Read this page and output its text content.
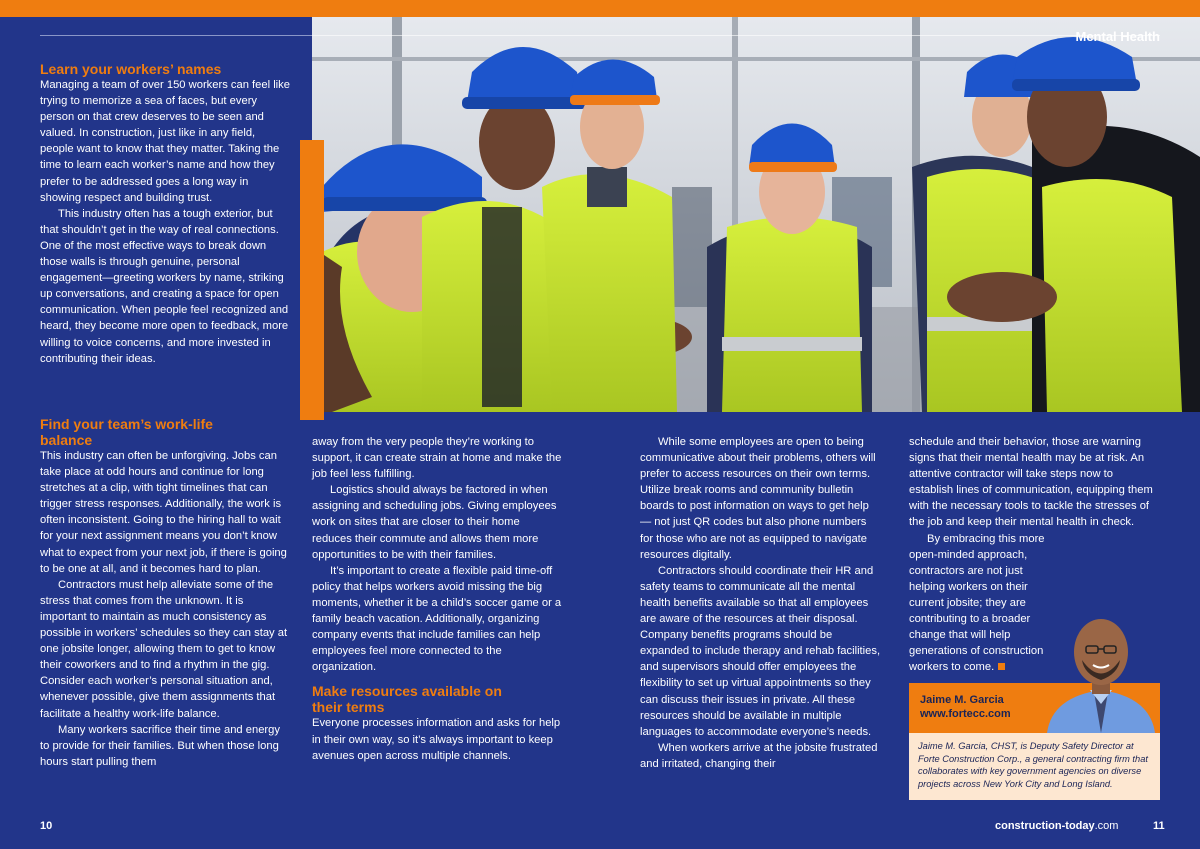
Mental Health
Learn your workers’ names

Managing a team of over 150 workers can feel like trying to memorize a sea of faces, but every person on that crew deserves to be seen and valued. In construction, just like in any field, people want to know that they matter. Taking the time to learn each worker’s name and how they prefer to be addressed goes a long way in showing respect and building trust.

This industry often has a tough exterior, but that shouldn’t get in the way of real connections. One of the most effective ways to break down those walls is through genuine, personal engagement—greeting workers by name, striking up conversations, and creating a space for open communication. When people feel recognized and heard, they become more open to feedback, more willing to voice concerns, and more invested in contributing their ideas.

Find your team’s work-life balance

This industry can often be unforgiving. Jobs can take place at odd hours and continue for long stretches at a clip, with tight timelines that can trigger stress responses. Additionally, the work is often inconsistent. Going to the hiring hall to wait for your next assignment means you don’t know what to expect from your next job, if there is going to be one at all, and it becomes hard to plan.

Contractors must help alleviate some of the stress that comes from the unknown. It is important to maintain as much consistency as possible in workers’ schedules so they can stay at one jobsite longer, allowing them to get to know their coworkers and to find a rhythm in the gig. Consider each worker’s personal situation and, whenever possible, give them assignments that facilitate a healthy work-life balance.

Many workers sacrifice their time and energy to provide for their families. But when those long hours start pulling them

away from the very people they’re working to support, it can create strain at home and make the job feel less fulfilling.

Logistics should always be factored in when assigning and scheduling jobs. Giving employees work on sites that are closer to their home reduces their commute and allows them more opportunities to be with their families.

It’s important to create a flexible paid time-off policy that helps workers avoid missing the big moments, whether it be a child’s soccer game or a family beach vacation. Additionally, organizing company events that include families can help employees feel more connected to the organization.

Make resources available on their terms

Everyone processes information and asks for help in their own way, so it’s always important to keep avenues open across multiple channels.

While some employees are open to being communicative about their problems, others will prefer to access resources on their own terms. Utilize break rooms and community bulletin boards to post information on ways to get help — not just QR codes but also phone numbers for those who are not as equipped to navigate resources digitally.

Contractors should coordinate their HR and safety teams to communicate all the mental health benefits available so that all employees are aware of the resources at their disposal. Company benefits programs should be expanded to include therapy and rehab facilities, and supervisors should offer employees the flexibility to set up virtual appointments so they can discuss their issues in private. All these resources should be available in multiple languages to accommodate everyone’s needs.

When workers arrive at the jobsite frustrated and irritated, changing their

schedule and their behavior, those are warning signs that their mental health may be at risk. An attentive contractor will take steps now to establish lines of communication, equipping them with the necessary tools to tackle the stresses of the job and keep their mental health in check.

By embracing this more open-minded approach, contractors are not just helping workers on their current jobsite; they are contributing to a broader change that will help generations of construction workers to come.

Jaime M. Garcia
www.fortecc.com
Jaime M. Garcia, CHST, is Deputy Safety Director at Forte Construction Corp., a general contracting firm that collaborates with key government agencies on diverse projects across New York City and Long Island.
10	construction-today.com	11
